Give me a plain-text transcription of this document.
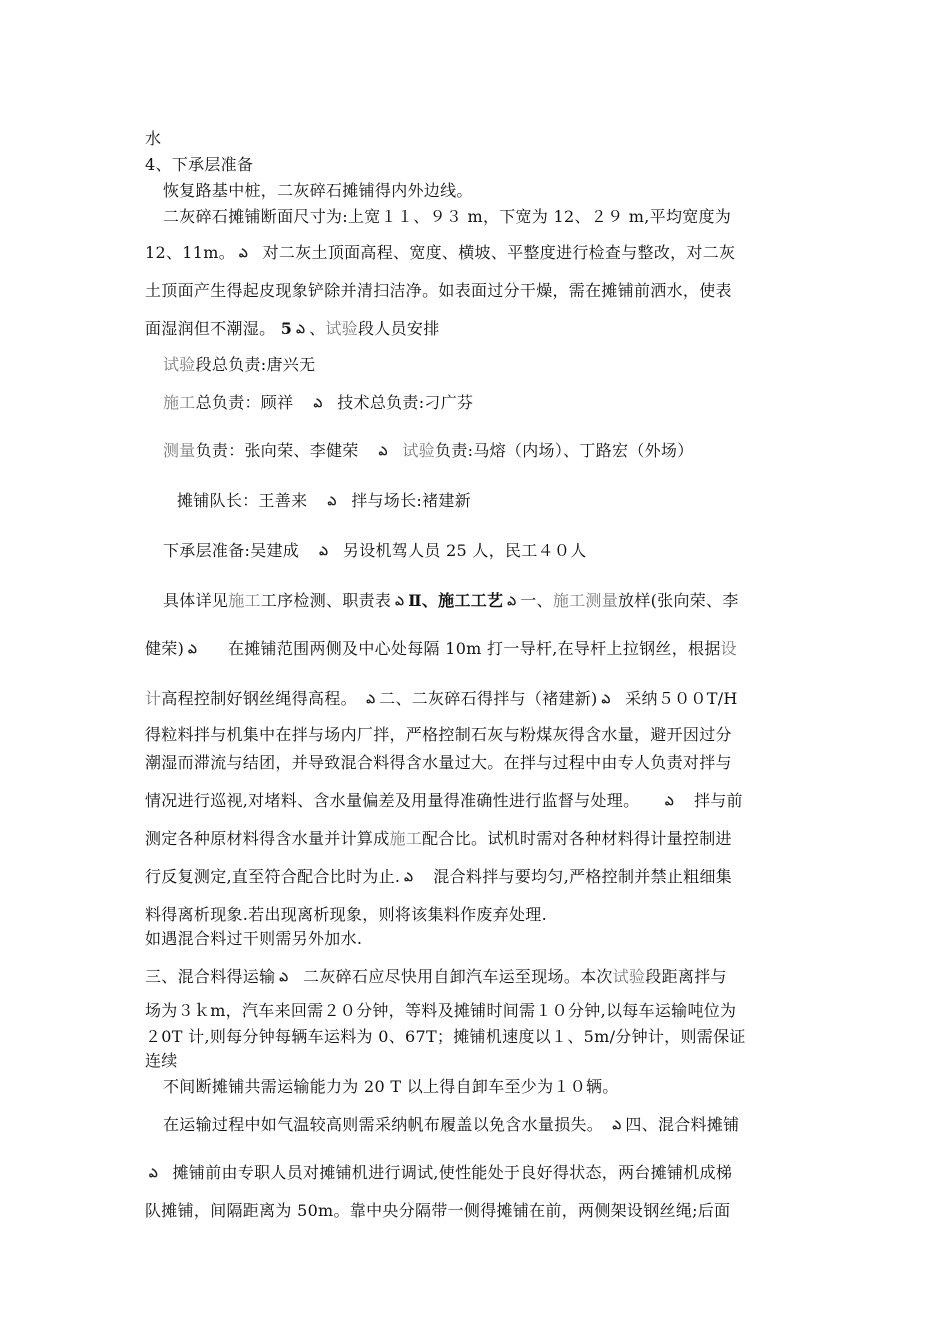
水
4、下承层准备
恢复路基中桩，二灰碎石摊铺得内外边线。
二灰碎石摊铺断面尺寸为:上宽１１、９３ m，下宽为 12、２９ m,平均宽度为
12、11m。 ఎ 对二灰土顶面高程、宽度、横坡、平整度进行检查与整改，对二灰
土顶面产生得起皮现象铲除并清扫洁净。如表面过分干燥，需在摊铺前洒水，使表
面湿润但不潮湿。 5 ఎ 、试验段人员安排
试验段总负责:唐兴无
施工总负责：顾祥 ఎ 技术总负责:刁广芬
测量负责：张向荣、李健荣 ఎ 试验负责:马熔（内场）、丁路宏（外场）
摊铺队长：王善来 ఎ 拌与场长:褚建新
下承层准备:吴建成 ఎ 另设机驾人员 25 人，民工４０人
具体详见施工工序检测、职责表 ఎ Ⅱ、施工工艺 ఎ 一、施工测量放样(张向荣、李
健荣) ఎ 在摊铺范围两侧及中心处每隔 10m 打一导杆,在导杆上拉钢丝，根据设
计高程控制好钢丝绳得高程。 ఎ 二、二灰碎石得拌与（褚建新) ఎ 采纳５００T/H
得粒料拌与机集中在拌与场内厂拌，严格控制石灰与粉煤灰得含水量，避开因过分
潮湿而滞流与结团，并导致混合料得含水量过大。在拌与过程中由专人负责对拌与
情况进行巡视,对堵料、含水量偏差及用量得准确性进行监督与处理。 ఎ 拌与前
测定各种原材料得含水量并计算成施工配合比。试机时需对各种材料得计量控制进
行反复测定,直至符合配合比时为止. ఎ 混合料拌与要均匀,严格控制并禁止粗细集
料得离析现象.若出现离析现象，则将该集料作废弃处理.
如遇混合料过干则需另外加水.
三、混合料得运输 ఎ 二灰碎石应尽快用自卸汽车运至现场。本次试验段距离拌与
场为３ｋm，汽车来回需２０分钟，等料及摊铺时间需１０分钟,以每车运输吨位为
２0T 计,则每分钟每辆车运料为 0、67T；摊铺机速度以１、5m/分钟计，则需保证
连续
不间断摊铺共需运输能力为 20 T 以上得自卸车至少为１０辆。
在运输过程中如气温较高则需采纳帆布履盖以免含水量损失。 ఎ 四、混合料摊铺
ఎ 摊铺前由专职人员对摊铺机进行调试,使性能处于良好得状态，两台摊铺机成梯
队摊铺，间隔距离为 50m。靠中央分隔带一侧得摊铺在前，两侧架设钢丝绳;后面
